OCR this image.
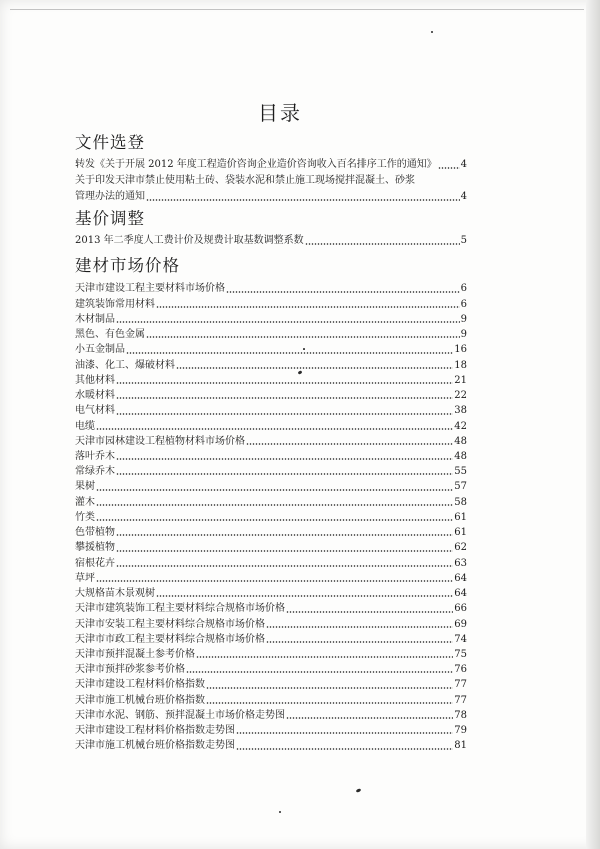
目录
文件选登
转发《关于开展 2012 年度工程造价咨询企业造价咨询收入百名排序工作的通知》 4
关于印发天津市禁止使用粘土砖、袋装水泥和禁止施工现场搅拌混凝土、砂浆
管理办法的通知	4
基价调整
2013 年二季度人工费计价及规费计取基数调整系数	5
建材市场价格
天津市建设工程主要材料市场价格	6
建筑装饰常用材料	6
木材制品	9
黑色、有色金属	9
小五金制品	16
油漆、化工、爆破材料	18
其他材料	21
水暖材料	22
电气材料	38
电缆	42
天津市园林建设工程植物材料市场价格	48
落叶乔木	48
常绿乔木	55
果树	57
灌木	58
竹类	61
色带植物	61
攀援植物	62
宿根花卉	63
草坪	64
大规格苗木景观树	64
天津市建筑装饰工程主要材料综合规格市场价格	66
天津市安装工程主要材料综合规格市场价格	69
天津市市政工程主要材料综合规格市场价格	74
天津市预拌混凝土参考价格	75
天津市预拌砂浆参考价格	76
天津市建设工程材料价格指数	77
天津市施工机械台班价格指数	77
天津市水泥、钢筋、预拌混凝土市场价格走势图	78
天津市建设工程材料价格指数走势图	79
天津市施工机械台班价格指数走势图	81
